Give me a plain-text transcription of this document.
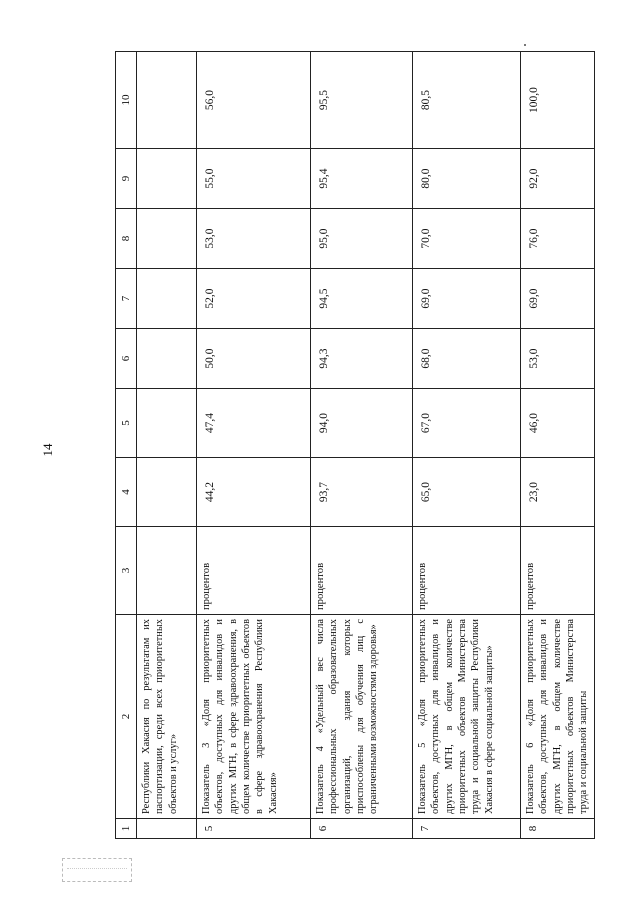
14
1	2	3	4	5	6	7	8	9	10
	Республики Хакасия по результатам их паспортизации, среди всех приоритетных объектов и услуг»								
5	Показатель 3 «Доля приоритетных объектов, доступных для инвалидов и других МГН, в сфере здравоохранения, в общем количестве приоритетных объектов в сфере здравоохранения Республики Хакасия»	процентов	44,2	47,4	50,0	52,0	53,0	55,0	56,0
6	Показатель 4 «Удельный вес числа профессиональных образовательных организаций, здания которых приспособлены для обучения лиц с ограниченными возможностями здоровья»	процентов	93,7	94,0	94,3	94,5	95,0	95,4	95,5
7	Показатель 5 «Доля приоритетных объектов, доступных для инвалидов и других МГН, в общем количестве приоритетных объектов Министерства труда и социальной защиты Республики Хакасия в сфере социальной защиты»	процентов	65,0	67,0	68,0	69,0	70,0	80,0	80,5
8	Показатель 6 «Доля приоритетных объектов, доступных для инвалидов и других МГН, в общем количестве приоритетных объектов Министерства труда и социальной защиты	процентов	23,0	46,0	53,0	69,0	76,0	92,0	100,0
